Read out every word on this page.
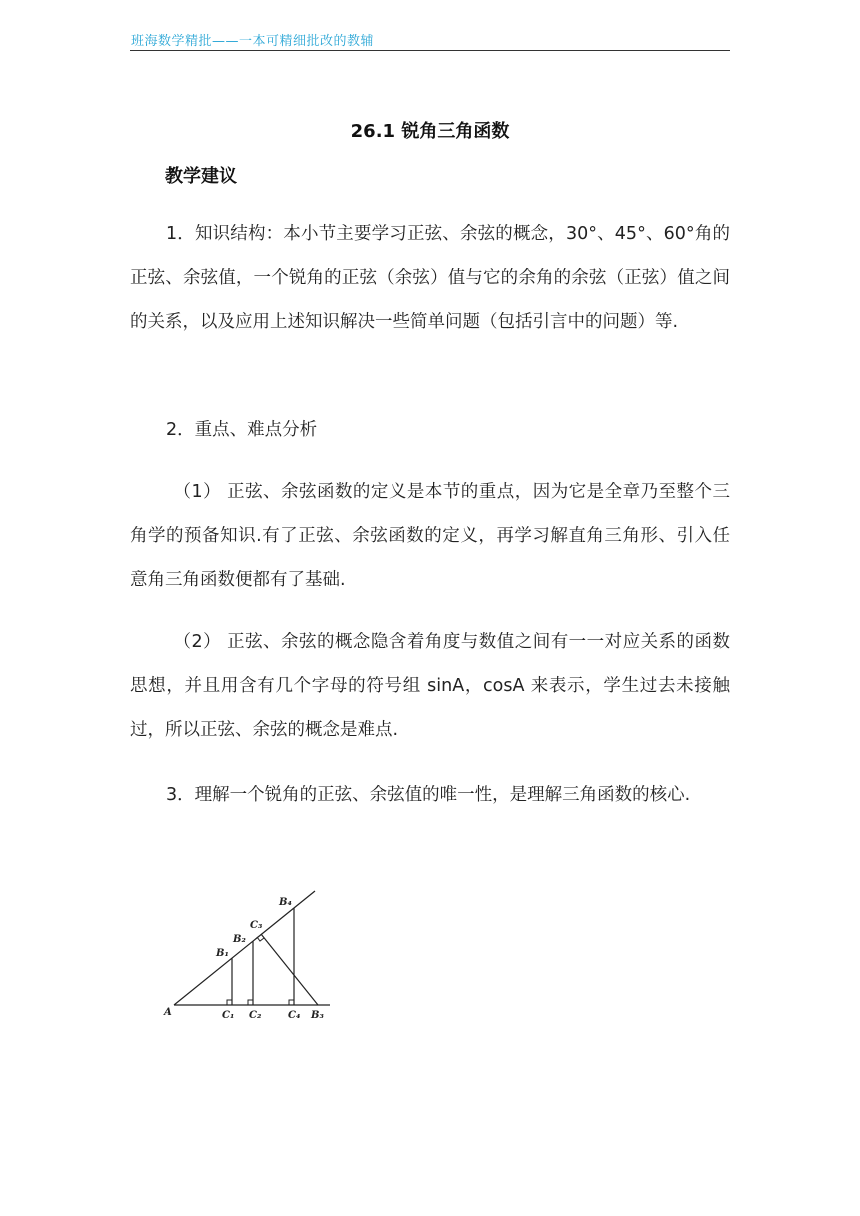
班海数学精批——一本可精细批改的教辅
26.1 锐角三角函数
教学建议
1．知识结构：本小节主要学习正弦、余弦的概念，30°、45°、60°角的正弦、余弦值，一个锐角的正弦（余弦）值与它的余角的余弦（正弦）值之间的关系，以及应用上述知识解决一些简单问题（包括引言中的问题）等.
2．重点、难点分析
（1） 正弦、余弦函数的定义是本节的重点，因为它是全章乃至整个三角学的预备知识.有了正弦、余弦函数的定义，再学习解直角三角形、引入任意角三角函数便都有了基础.
（2） 正弦、余弦的概念隐含着角度与数值之间有一一对应关系的函数思想，并且用含有几个字母的符号组 sinA，cosA 来表示，学生过去未接触过，所以正弦、余弦的概念是难点.
3．理解一个锐角的正弦、余弦值的唯一性，是理解三角函数的核心.
A
B₁
B₂
C₃
B₄
C₁ C₂	C₄ B₃
